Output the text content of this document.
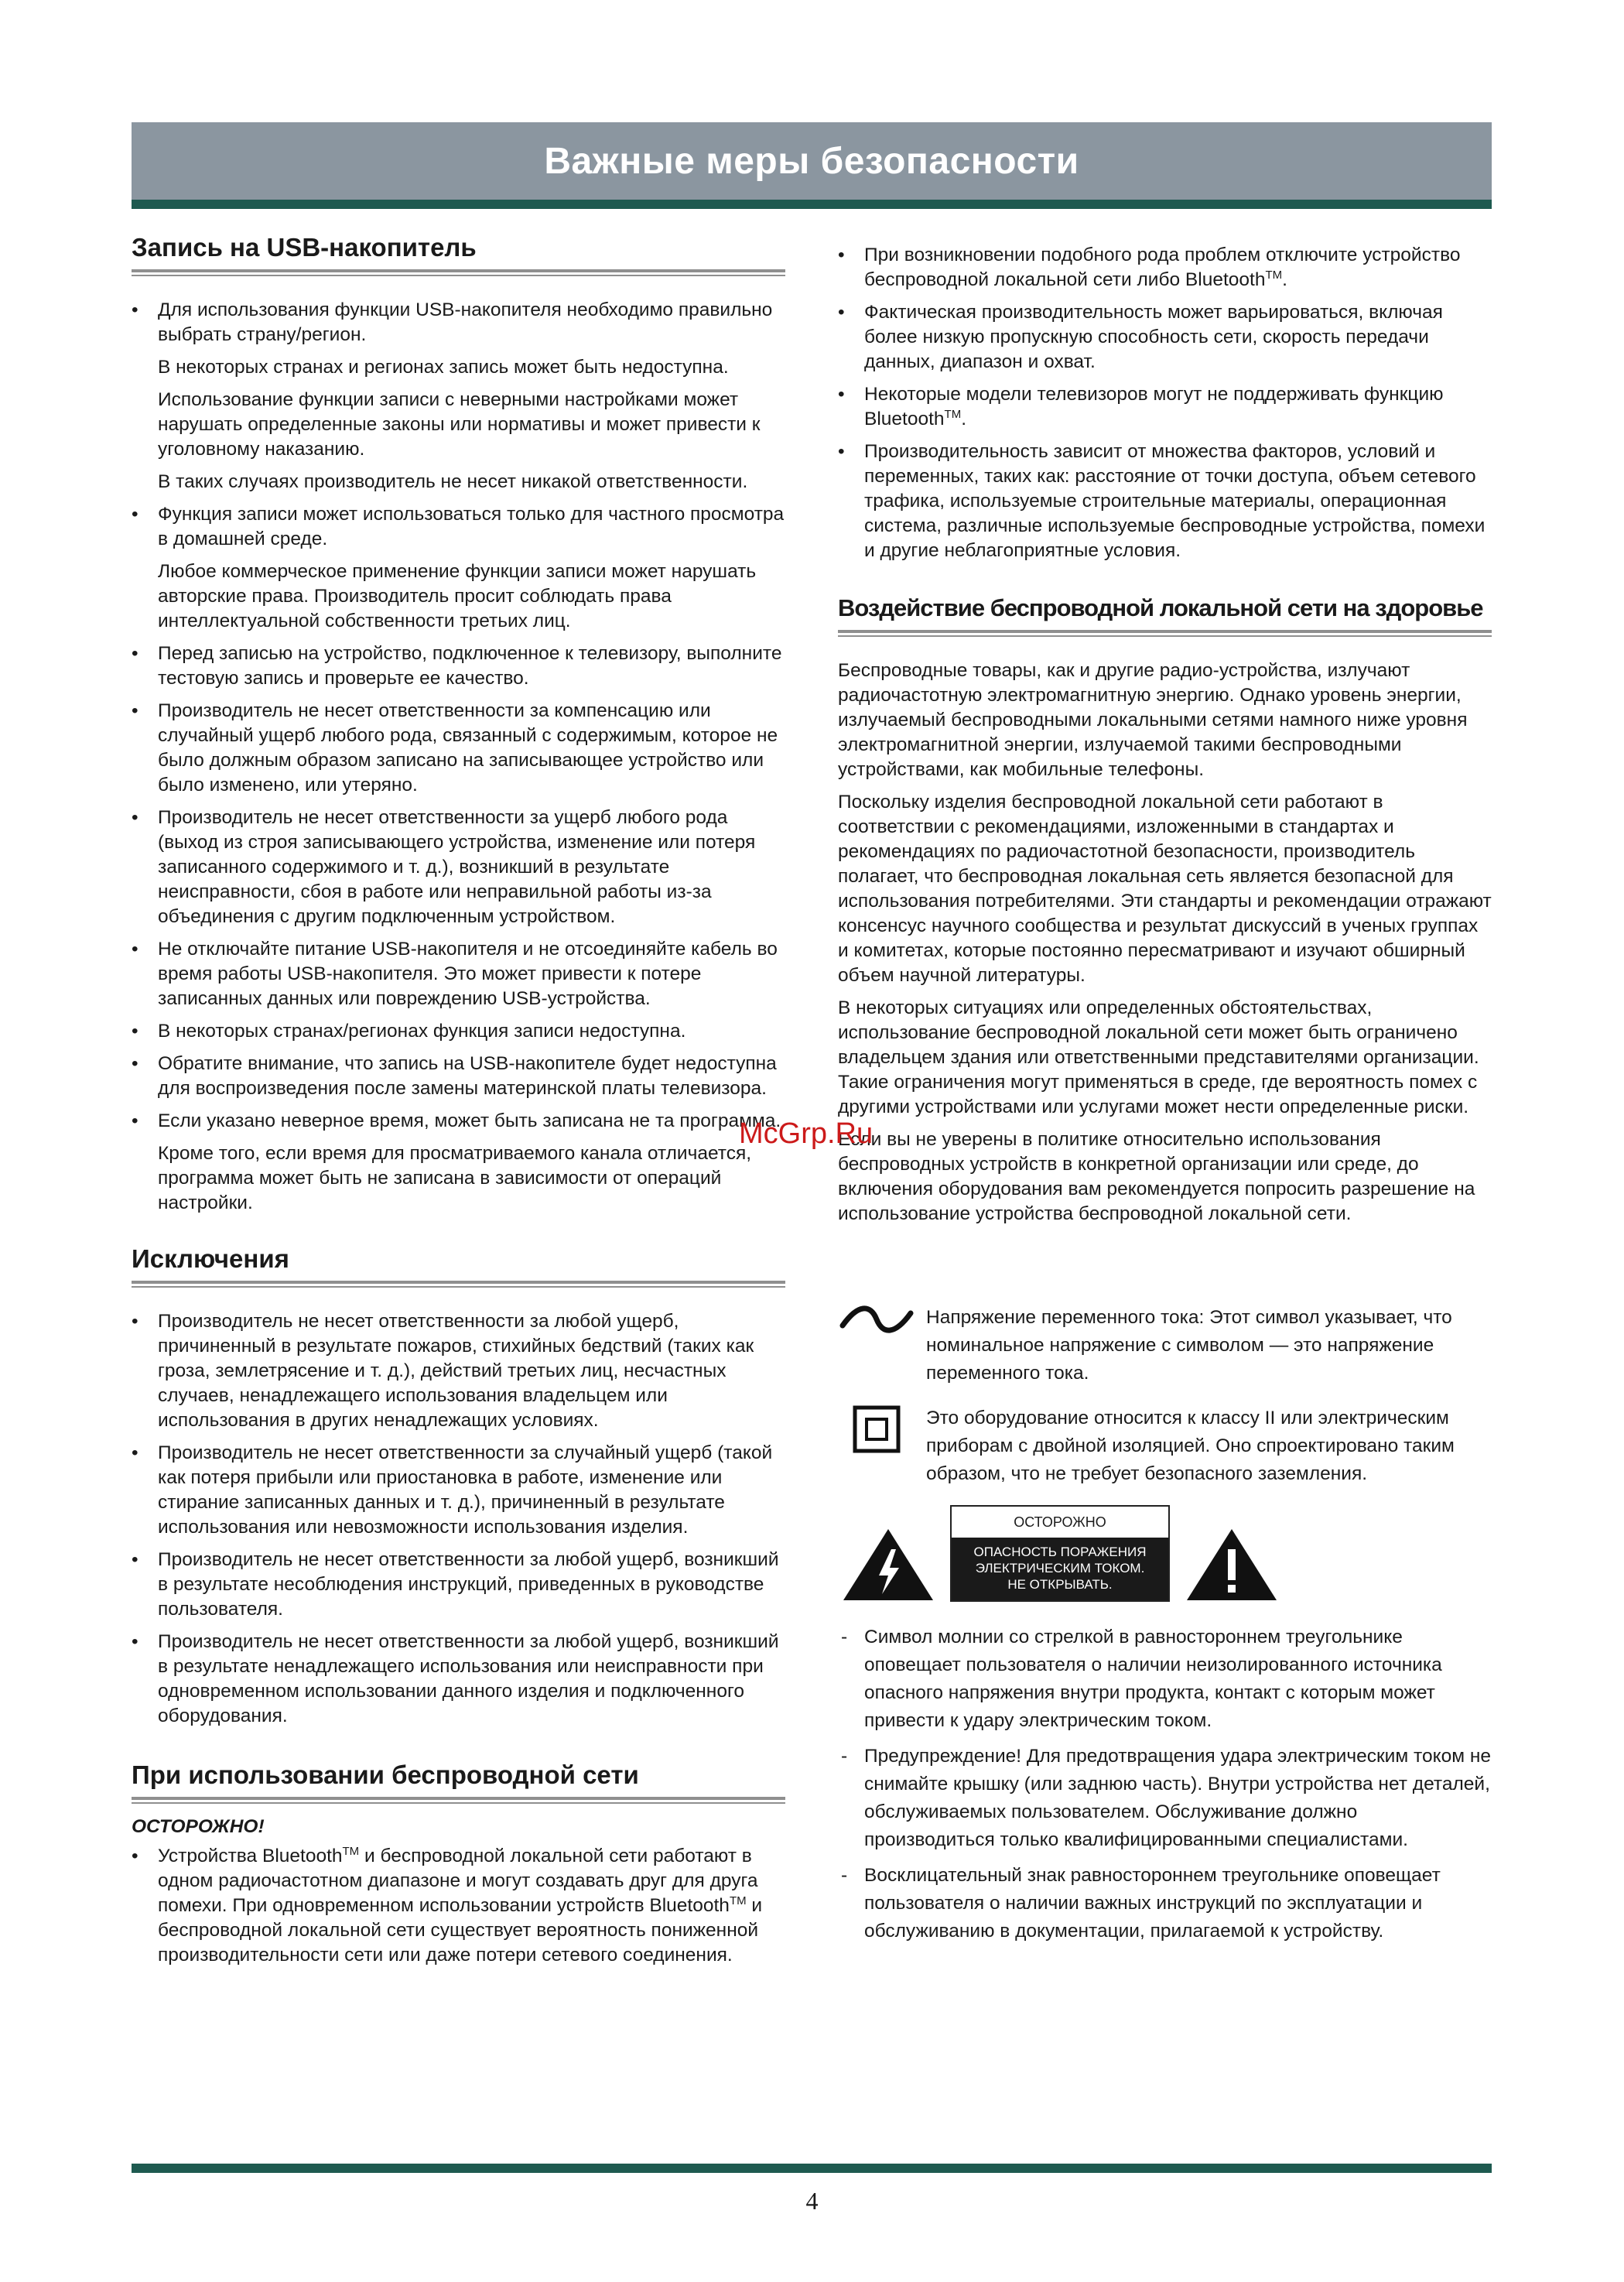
Важные меры безопасности
Запись на USB-накопитель
• Для использования функции USB-накопителя необходимо правильно выбрать страну/регион.

В некоторых странах и регионах запись может быть недоступна.

Использование функции записи с неверными настройками может нарушать определенные законы или нормативы и может привести к уголовному наказанию.

В таких случаях производитель не несет никакой ответственности.

• Функция записи может использоваться только для частного просмотра в домашней среде.

Любое коммерческое применение функции записи может нарушать авторские права. Производитель просит соблюдать права интеллектуальной собственности третьих лиц.

• Перед записью на устройство, подключенное к телевизору, выполните тестовую запись и проверьте ее качество.
• Производитель не несет ответственности за компенсацию или случайный ущерб любого рода, связанный с содержимым, которое не было должным образом записано на записывающее устройство или было изменено, или утеряно.
• Производитель не несет ответственности за ущерб любого рода (выход из строя записывающего устройства, изменение или потеря записанного содержимого и т. д.), возникший в результате неисправности, сбоя в работе или неправильной работы из-за объединения с другим подключенным устройством.
• Не отключайте питание USB-накопителя и не отсоединяйте кабель во время работы USB-накопителя. Это может привести к потере записанных данных или повреждению USB-устройства.
• В некоторых странах/регионах функция записи недоступна.
• Обратите внимание, что запись на USB-накопителе будет недоступна для воспроизведения после замены материнской платы телевизора.
• Если указано неверное время, может быть записана не та программа.

Кроме того, если время для просматриваемого канала отличается, программа может быть не записана в зависимости от операций настройки.

Исключения
• Производитель не несет ответственности за любой ущерб, причиненный в результате пожаров, стихийных бедствий (таких как гроза, землетрясение и т. д.), действий третьих лиц, несчастных случаев, ненадлежащего использования владельцем или использования в других ненадлежащих условиях.
• Производитель не несет ответственности за случайный ущерб (такой как потеря прибыли или приостановка в работе, изменение или стирание записанных данных и т. д.), причиненный в результате использования или невозможности использования изделия.
• Производитель не несет ответственности за любой ущерб, возникший в результате несоблюдения инструкций, приведенных в руководстве пользователя.
• Производитель не несет ответственности за любой ущерб, возникший в результате ненадлежащего использования или неисправности при одновременном использовании данного изделия и подключенного оборудования.
При использовании беспроводной сети
ОСТОРОЖНО!
• Устройства Bluetooth™ и беспроводной локальной сети работают в одном радиочастотном диапазоне и могут создавать друг для друга помехи. При одновременном использовании устройств Bluetooth™ и беспроводной локальной сети существует вероятность пониженной производительности сети или даже потери сетевого соединения.
• При возникновении подобного рода проблем отключите устройство беспроводной локальной сети либо Bluetooth™.
• Фактическая производительность может варьироваться, включая более низкую пропускную способность сети, скорость передачи данных, диапазон и охват.
• Некоторые модели телевизоров могут не поддерживать функцию Bluetooth™.
• Производительность зависит от множества факторов, условий и переменных, таких как: расстояние от точки доступа, объем сетевого трафика, используемые строительные материалы, операционная система, различные используемые беспроводные устройства, помехи и другие неблагоприятные условия.
Воздействие беспроводной локальной сети на здоровье

Беспроводные товары, как и другие радио-устройства, излучают радиочастотную электромагнитную энергию. Однако уровень энергии, излучаемый беспроводными локальными сетями намного ниже уровня электромагнитной энергии, излучаемой такими беспроводными устройствами, как мобильные телефоны.

Поскольку изделия беспроводной локальной сети работают в соответствии с рекомендациями, изложенными в стандартах и рекомендациях по радиочастотной безопасности, производитель полагает, что беспроводная локальная сеть является безопасной для использования потребителями. Эти стандарты и рекомендации отражают консенсус научного сообщества и результат дискуссий в ученых группах и комитетах, которые постоянно пересматривают и изучают обширный объем научной литературы.

В некоторых ситуациях или определенных обстоятельствах, использование беспроводной локальной сети может быть ограничено владельцем здания или ответственными представителями организации. Такие ограничения могут применяться в среде, где вероятность помех с другими устройствами или услугами может нести определенные риски.

Если вы не уверены в политике относительно использования беспроводных устройств в конкретной организации или среде, до включения оборудования вам рекомендуется попросить разрешение на использование устройства беспроводной локальной сети.

Напряжение переменного тока: Этот символ указывает, что номинальное напряжение с символом — это напряжение переменного тока.
Это оборудование относится к классу II или электрическим приборам с двойной изоляцией. Оно спроектировано таким образом, что не требует безопасного заземления.
ОСТОРОЖНО
ОПАСНОСТЬ ПОРАЖЕНИЯ
ЭЛЕКТРИЧЕСКИМ ТОКОМ.
НЕ ОТКРЫВАТЬ.
- Символ молнии со стрелкой в равностороннем треугольнике оповещает пользователя о наличии неизолированного источника опасного напряжения внутри продукта, контакт с которым может привести к удару электрическим током.
- Предупреждение! Для предотвращения удара электрическим током не снимайте крышку (или заднюю часть). Внутри устройства нет деталей, обслуживаемых пользователем. Обслуживание должно производиться только квалифицированными специалистами.
- Восклицательный знак равностороннем треугольнике оповещает пользователя о наличии важных инструкций по эксплуатации и обслуживанию в документации, прилагаемой к устройству.
McGrp.Ru
4
